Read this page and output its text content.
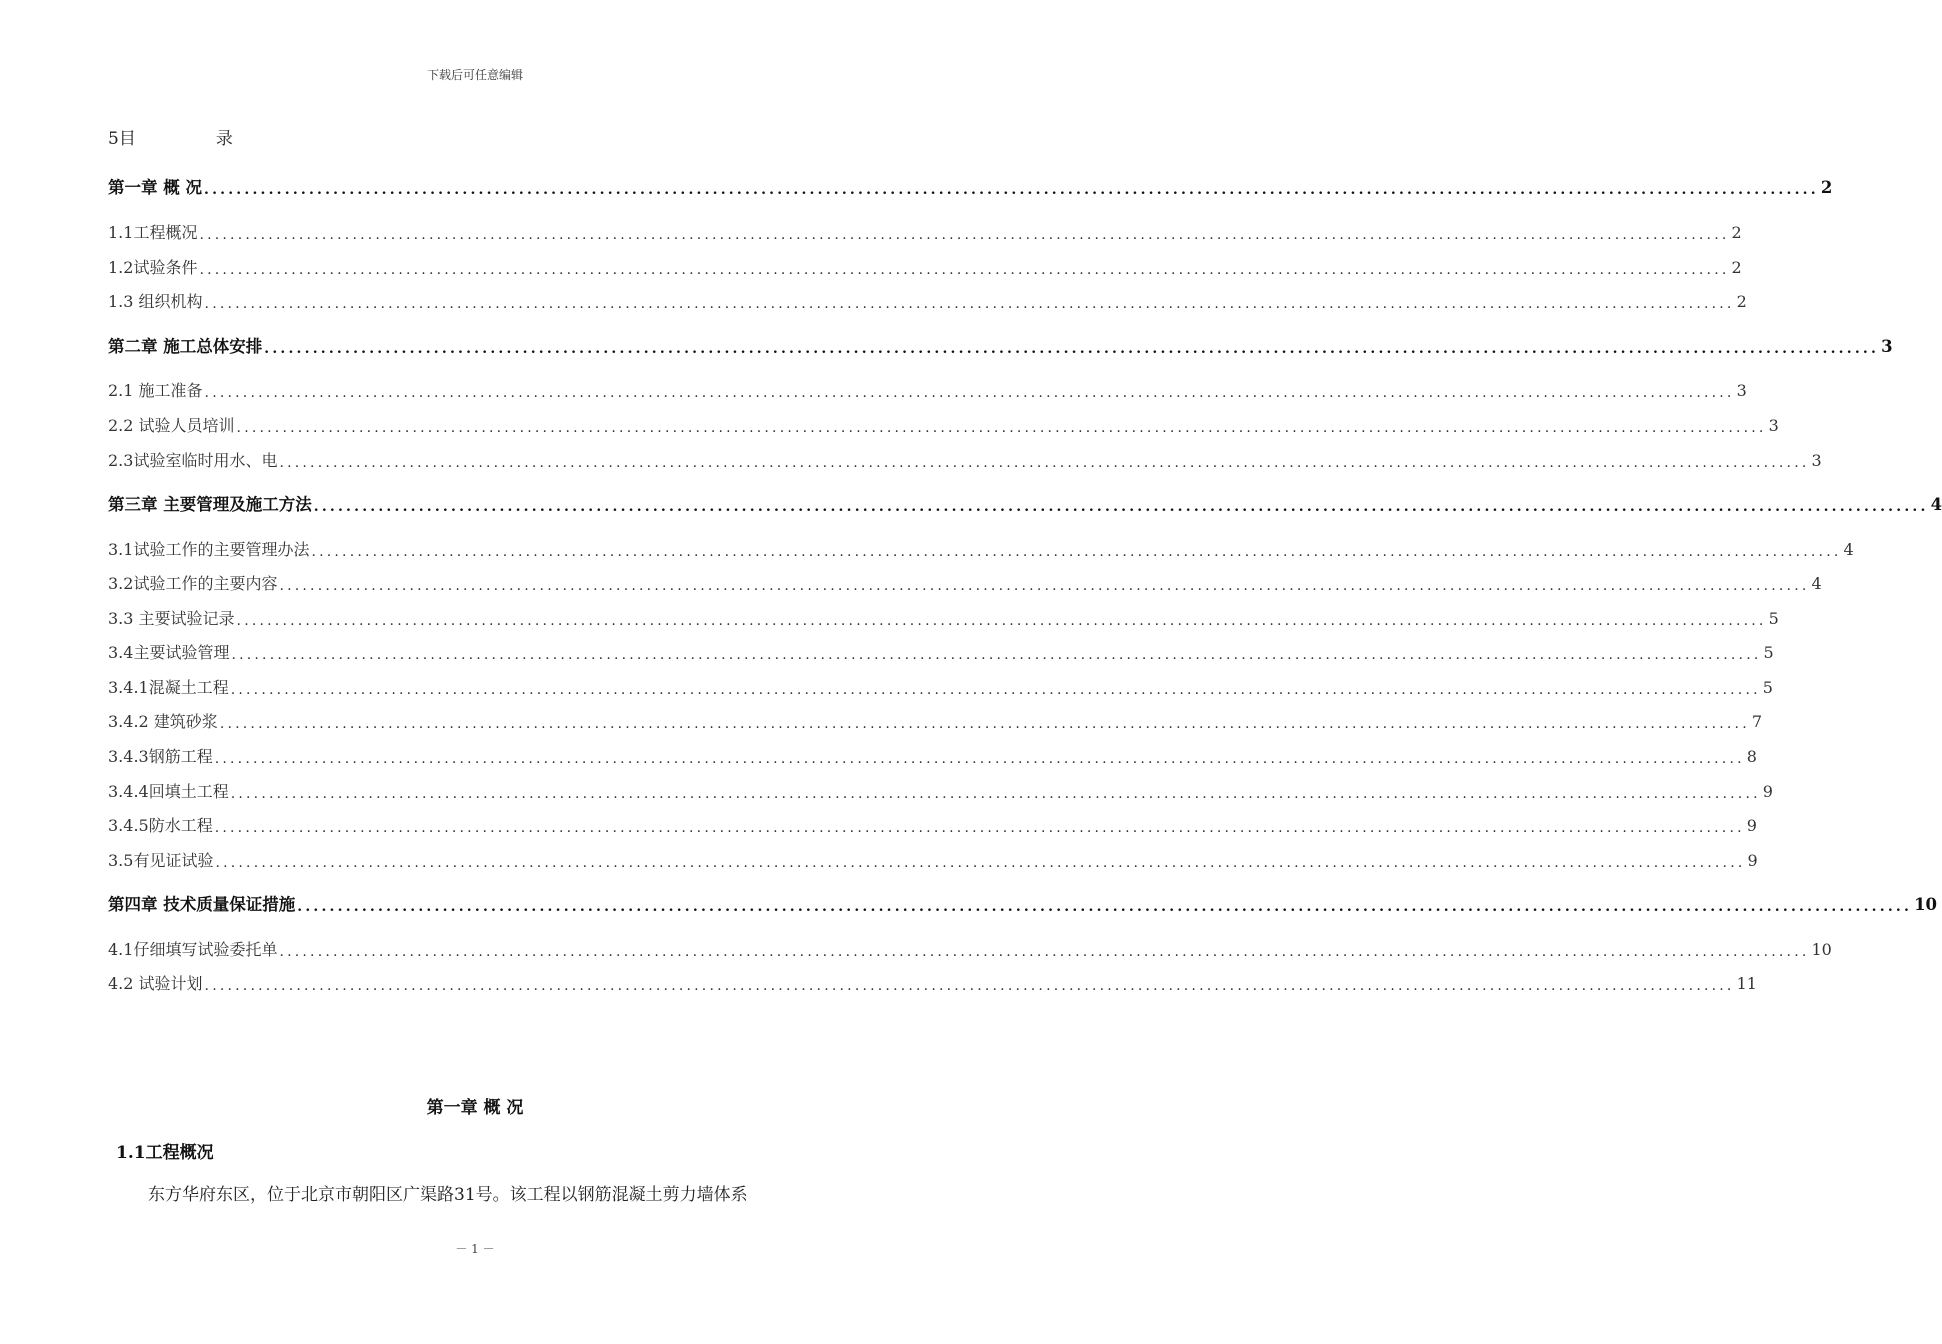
下载后可任意编辑
5目	录
第一章 概 况 ........................................................................................................................................................................................................ 2
1.1工程概况 ........................................................................................................................................................................................................ 2
1.2试验条件 ........................................................................................................................................................................................................ 2
1.3 组织机构 ........................................................................................................................................................................................................ 2
第二章 施工总体安排 ........................................................................................................................................................................................................ 3
2.1 施工准备 ........................................................................................................................................................................................................ 3
2.2 试验人员培训 ........................................................................................................................................................................................................ 3
2.3试验室临时用水、电 ........................................................................................................................................................................................................ 3
第三章 主要管理及施工方法 ........................................................................................................................................................................................................ 4
3.1试验工作的主要管理办法 ........................................................................................................................................................................................................ 4
3.2试验工作的主要内容 ........................................................................................................................................................................................................ 4
3.3 主要试验记录 ........................................................................................................................................................................................................ 5
3.4主要试验管理 ........................................................................................................................................................................................................ 5
3.4.1混凝土工程 ........................................................................................................................................................................................................ 5
3.4.2 建筑砂浆 ........................................................................................................................................................................................................ 7
3.4.3钢筋工程 ........................................................................................................................................................................................................ 8
3.4.4回填土工程 ........................................................................................................................................................................................................ 9
3.4.5防水工程 ........................................................................................................................................................................................................ 9
3.5有见证试验 ........................................................................................................................................................................................................ 9
第四章 技术质量保证措施 ........................................................................................................................................................................................................ 10
4.1仔细填写试验委托单 ........................................................................................................................................................................................................ 10
4.2 试验计划 ........................................................................................................................................................................................................ 11
第一章 概 况
1.1工程概况
东方华府东区，位于北京市朝阳区广渠路31号。该工程以钢筋混凝土剪力墙体系
－ 1 －
